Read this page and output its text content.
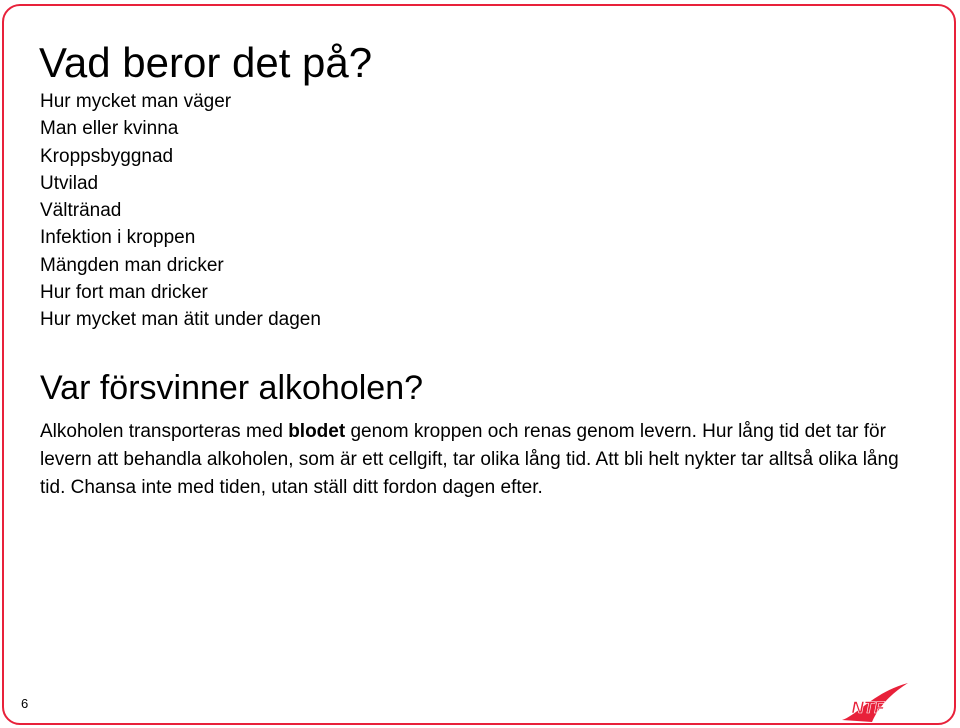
Vad beror det på?
Hur mycket man väger
Man eller kvinna
Kroppsbyggnad
Utvilad
Vältränad
Infektion i kroppen
Mängden man dricker
Hur fort man dricker
Hur mycket man ätit under dagen
Var försvinner alkoholen?

Alkoholen transporteras med blodet genom kroppen och renas genom levern. Hur lång tid det tar för levern att behandla alkoholen, som är ett cellgift, tar olika lång tid. Att bli helt nykter tar alltså olika lång tid. Chansa inte med tiden, utan ställ ditt fordon dagen efter.

6	NTF
